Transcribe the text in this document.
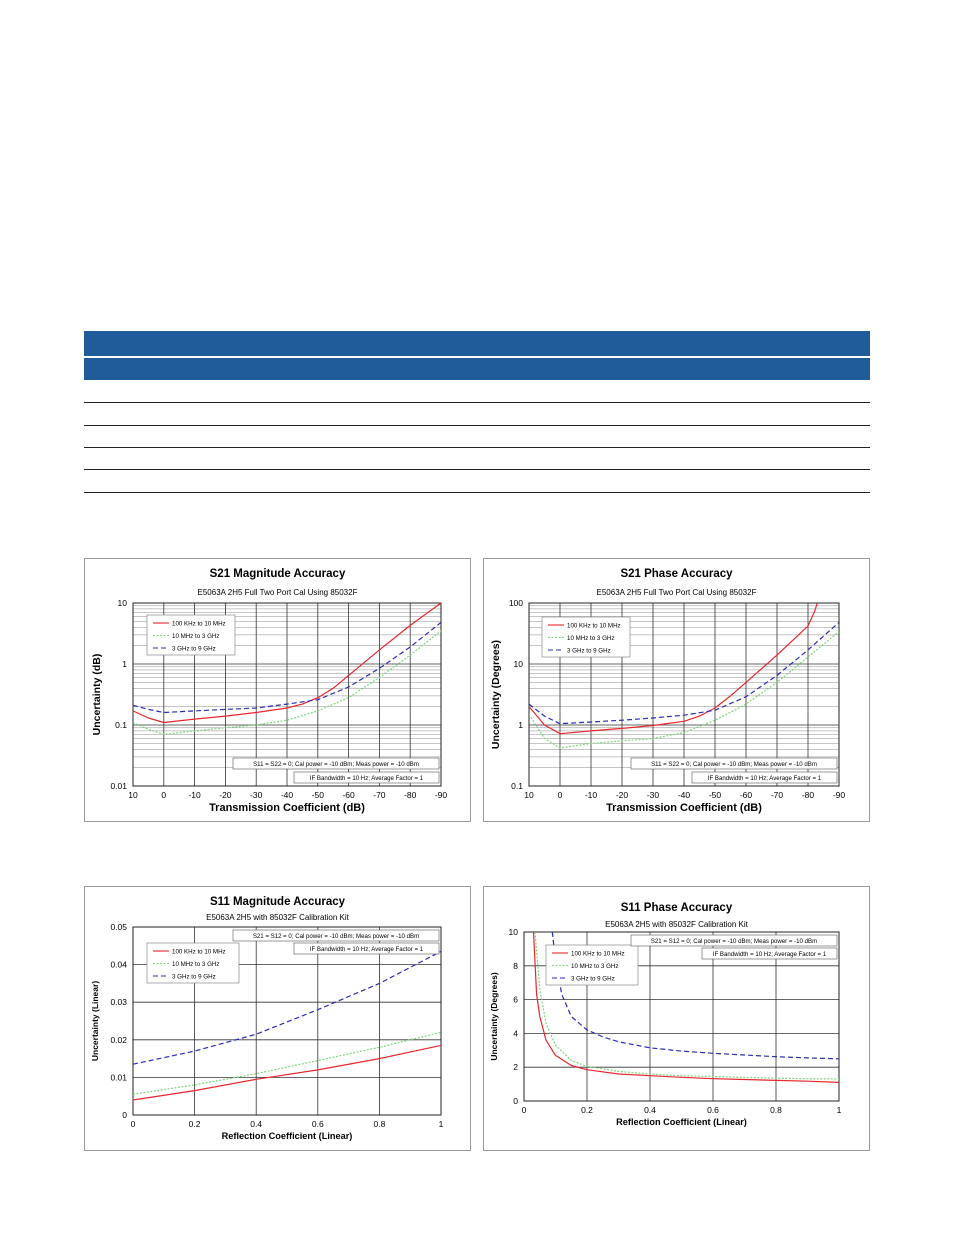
S21 Magnitude Accuracy
E5063A 2H5 Full Two Port Cal Using 85032F
0.01
0.1
1
10
10	0	-10 -20 -30 -40 -50 -60 -70 -80 -90
100 KHz to 10 MHz
10 MHz to 3 GHz
3 GHz to 9 GHz
S11 = S22 = 0; Cal power = -10 dBm; Meas power = -10 dBm
IF Bandwidth = 10 Hz; Average Factor = 1
Transmission Coefficient (dB)
Uncertainty (dB)
S21 Phase Accuracy
E5063A 2H5 Full Two Port Cal Using 85032F
0.1
1
10
100
10	0	-10 -20 -30 -40 -50 -60 -70 -80 -90
100 KHz to 10 MHz
10 MHz to 3 GHz
3 GHz to 9 GHz
S11 = S22 = 0; Cal power = -10 dBm; Meas power = -10 dBm
IF Bandwidth = 10 Hz; Average Factor = 1
Transmission Coefficient (dB)
Uncertainty (Degrees)
S11 Magnitude Accuracy
E5063A 2H5 with 85032F Calibration Kit
0
0.01
0.02
0.03
0.04
0.05
0	0.2	0.4	0.6	0.8	1
100 KHz to 10 MHz
10 MHz to 3 GHz
3 GHz to 9 GHz
S21 = S12 = 0; Cal power = -10 dBm; Meas power = -10 dBm
IF Bandwidth = 10 Hz; Average Factor = 1
Reflection Coefficient (Linear)
Uncertainty (Linear)
S11 Phase Accuracy
E5063A 2H5 with 85032F Calibration Kit
0
2
4
6
8
10
0	0.2	0.4	0.6	0.8	1
100 KHz to 10 MHz
10 MHz to 3 GHz
3 GHz to 9 GHz
S21 = S12 = 0; Cal power = -10 dBm; Meas power = -10 dBm
IF Bandwidth = 10 Hz; Average Factor = 1
Reflection Coefficient (Linear)
Uncertainty (Degrees)
